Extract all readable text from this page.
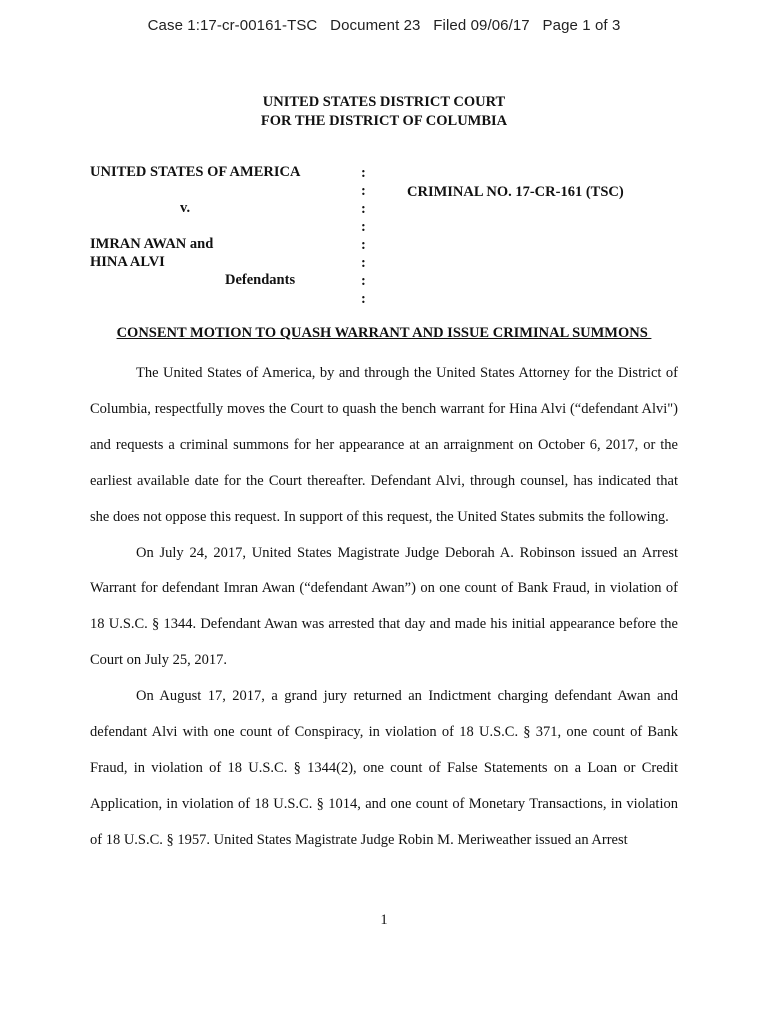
Case 1:17-cr-00161-TSC   Document 23   Filed 09/06/17   Page 1 of 3
UNITED STATES DISTRICT COURT
FOR THE DISTRICT OF COLUMBIA
UNITED STATES OF AMERICA
v.
IMRAN AWAN and
HINA ALVI
Defendants
:
:
:
:
:
:
:
:
CRIMINAL NO. 17-CR-161 (TSC)
CONSENT MOTION TO QUASH WARRANT AND ISSUE CRIMINAL SUMMONS

The United States of America, by and through the United States Attorney for the District of Columbia, respectfully moves the Court to quash the bench warrant for Hina Alvi (“defendant Alvi") and requests a criminal summons for her appearance at an arraignment on October 6, 2017, or the earliest available date for the Court thereafter. Defendant Alvi, through counsel, has indicated that she does not oppose this request. In support of this request, the United States submits the following.

On July 24, 2017, United States Magistrate Judge Deborah A. Robinson issued an Arrest Warrant for defendant Imran Awan (“defendant Awan”) on one count of Bank Fraud, in violation of 18 U.S.C. § 1344. Defendant Awan was arrested that day and made his initial appearance before the Court on July 25, 2017.

On August 17, 2017, a grand jury returned an Indictment charging defendant Awan and defendant Alvi with one count of Conspiracy, in violation of 18 U.S.C. § 371, one count of Bank Fraud, in violation of 18 U.S.C. § 1344(2), one count of False Statements on a Loan or Credit Application, in violation of 18 U.S.C. § 1014, and one count of Monetary Transactions, in violation of 18 U.S.C. § 1957. United States Magistrate Judge Robin M. Meriweather issued an Arrest

1
